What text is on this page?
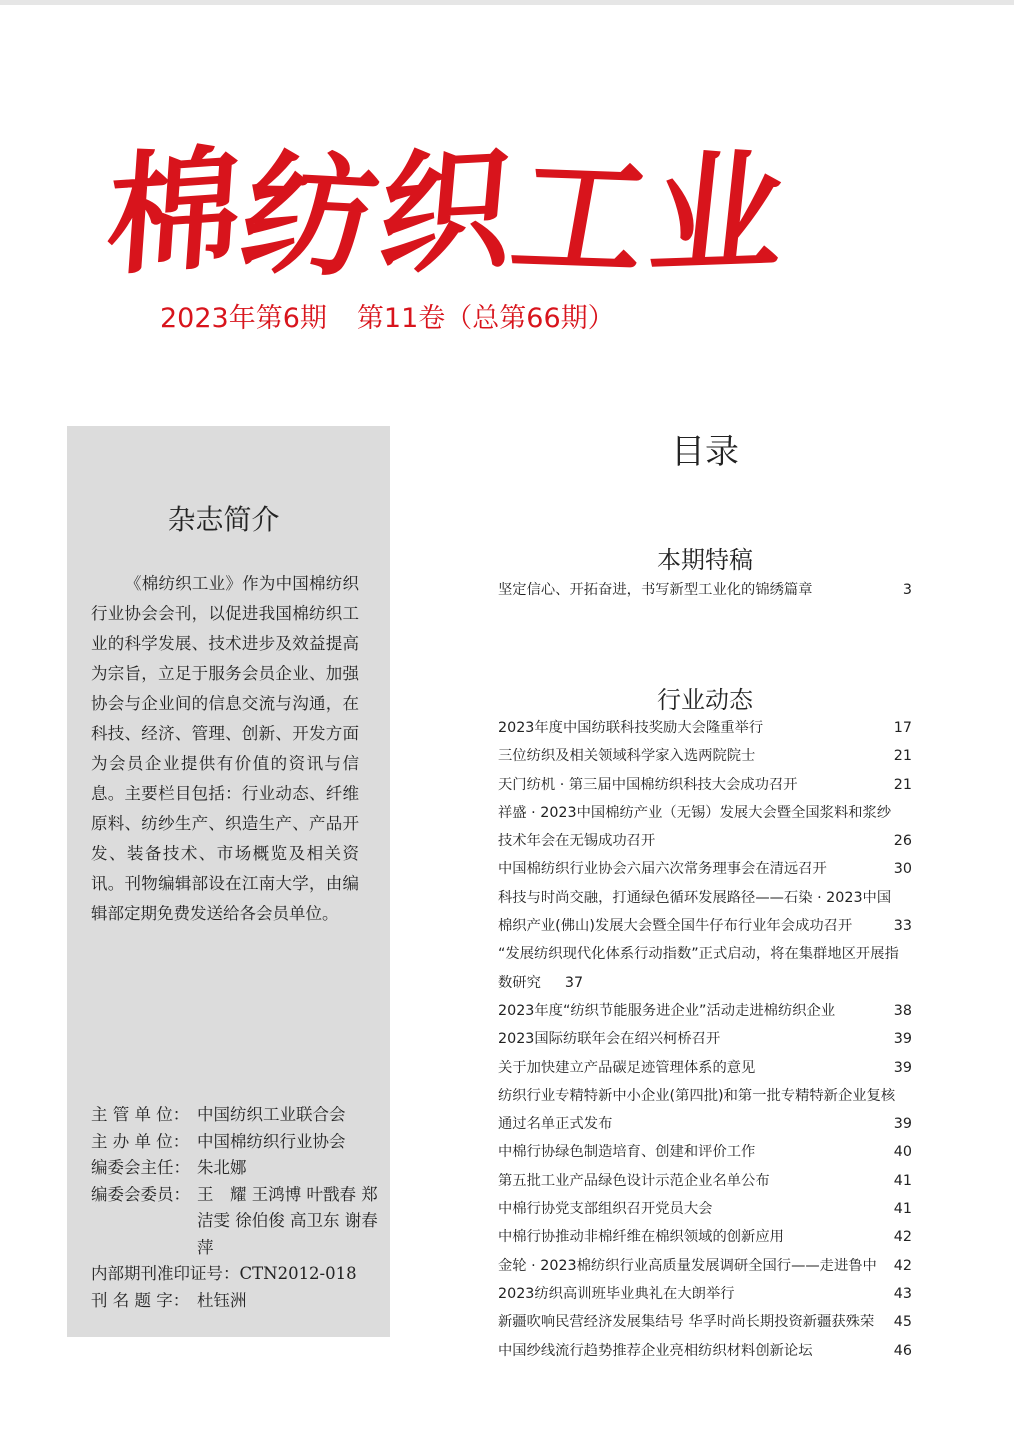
棉纺织工业
2023年第6期 第11卷（总第66期）
杂志简介
《棉纺织工业》作为中国棉纺织行业协会会刊，以促进我国棉纺织工业的科学发展、技术进步及效益提高为宗旨，立足于服务会员企业、加强协会与企业间的信息交流与沟通，在科技、经济、管理、创新、开发方面为会员企业提供有价值的资讯与信息。主要栏目包括：行业动态、纤维原料、纺纱生产、织造生产、产品开发、装备技术、市场概览及相关资讯。刊物编辑部设在江南大学，由编辑部定期免费发送给各会员单位。
主 管 单 位： 中国纺织工业联合会
主 办 单 位： 中国棉纺织行业协会
编委会主任： 朱北娜
编委会委员： 王　耀 王鸿博 叶戬春 郑洁雯 徐伯俊 高卫东 谢春萍
内部期刊准印证号： CTN2012-018
刊 名 题 字： 杜钰洲
目录
本期特稿
坚定信心、开拓奋进，书写新型工业化的锦绣篇章	3
行业动态
2023年度中国纺联科技奖励大会隆重举行	17
三位纺织及相关领域科学家入选两院院士	21
天门纺机 · 第三届中国棉纺织科技大会成功召开	21
祥盛 · 2023中国棉纺产业（无锡）发展大会暨全国浆料和浆纱技术年会在无锡成功召开	26
中国棉纺织行业协会六届六次常务理事会在清远召开	30
科技与时尚交融，打通绿色循环发展路径——石染 · 2023中国棉织产业(佛山)发展大会暨全国牛仔布行业年会成功召开	33
“发展纺织现代化体系行动指数”正式启动，将在集群地区开展指数研究 37
2023年度“纺织节能服务进企业”活动走进棉纺织企业	38
2023国际纺联年会在绍兴柯桥召开	39
关于加快建立产品碳足迹管理体系的意见	39
纺织行业专精特新中小企业(第四批)和第一批专精特新企业复核通过名单正式发布	39
中棉行协绿色制造培育、创建和评价工作	40
第五批工业产品绿色设计示范企业名单公布	41
中棉行协党支部组织召开党员大会	41
中棉行协推动非棉纤维在棉织领域的创新应用	42
金轮 · 2023棉纺织行业高质量发展调研全国行——走进鲁中 42
2023纺织高训班毕业典礼在大朗举行	43
新疆吹响民营经济发展集结号 华孚时尚长期投资新疆获殊荣 45
中国纱线流行趋势推荐企业亮相纺织材料创新论坛	46
